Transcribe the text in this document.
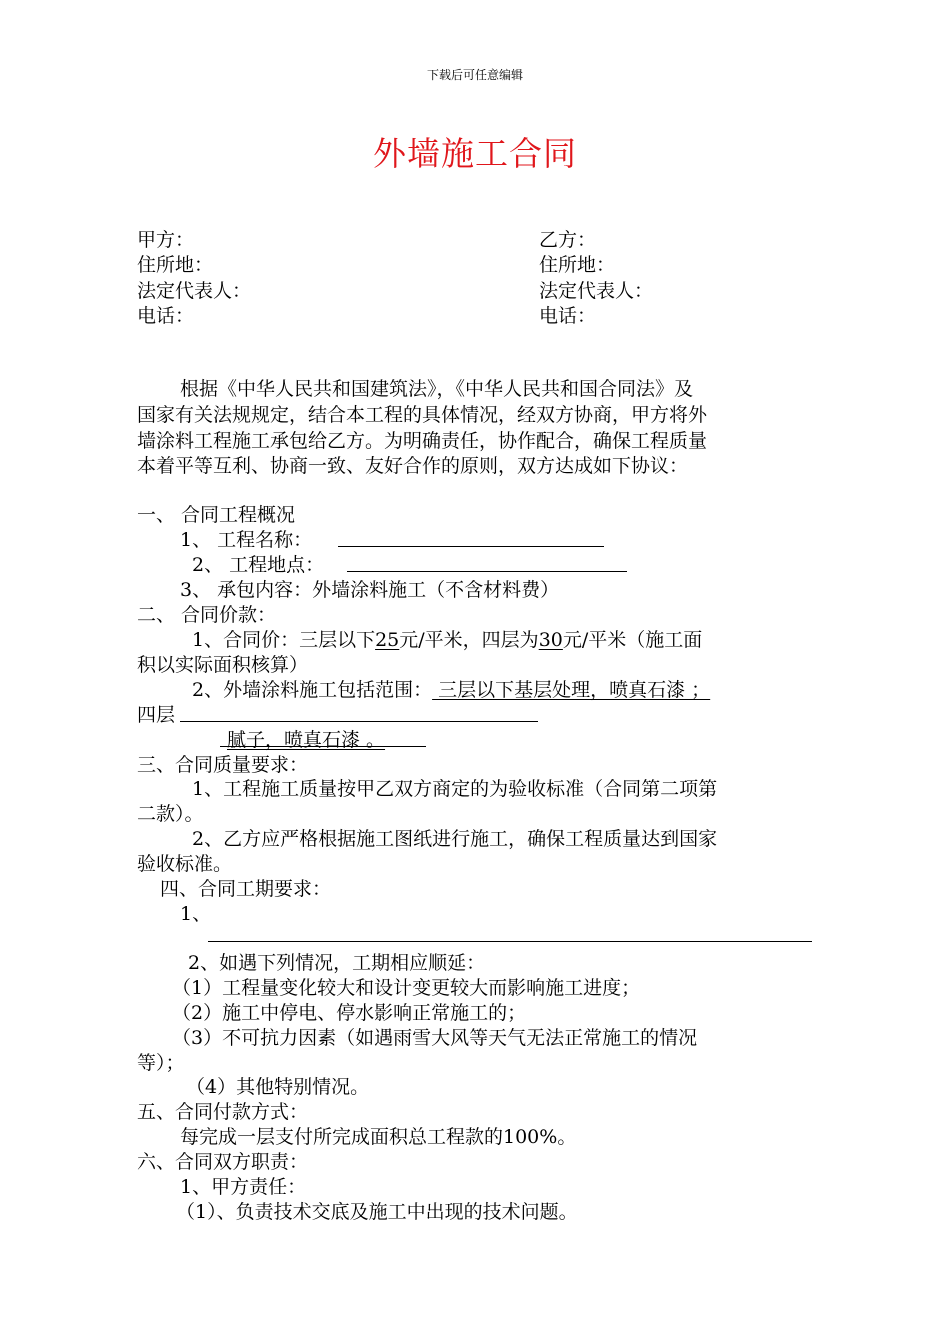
下载后可任意编辑
外墙施工合同
甲方：
住所地：
法定代表人：
电话：
乙方：
住所地：
法定代表人：
电话：
根据《中华人民共和国建筑法》，《中华人民共和国合同法》及
国家有关法规规定，结合本工程的具体情况，经双方协商，甲方将外
墙涂料工程施工承包给乙方。为明确责任，协作配合，确保工程质量
本着平等互利、协商一致、友好合作的原则，双方达成如下协议：
一、 合同工程概况
1、 工程名称：
2、 工程地点：
3、 承包内容：外墙涂料施工（不含材料费）
二、 合同价款：
1、合同价：三层以下25元/平米，四层为30元/平米（施工面
积以实际面积核算）
2、外墙涂料施工包括范围： 三层以下基层处理，喷真石漆 ；
四层
腻子，喷真石漆 。
三、合同质量要求：
1、工程施工质量按甲乙双方商定的为验收标准（合同第二项第
二款）。
2、乙方应严格根据施工图纸进行施工，确保工程质量达到国家
验收标准。
四、合同工期要求：
1、
2、如遇下列情况，工期相应顺延：
（1）工程量变化较大和设计变更较大而影响施工进度；
（2）施工中停电、停水影响正常施工的；
（3）不可抗力因素（如遇雨雪大风等天气无法正常施工的情况
等）；
（4）其他特别情况。
五、合同付款方式：
每完成一层支付所完成面积总工程款的100%。
六、合同双方职责：
1、甲方责任：
（1）、负责技术交底及施工中出现的技术问题。
